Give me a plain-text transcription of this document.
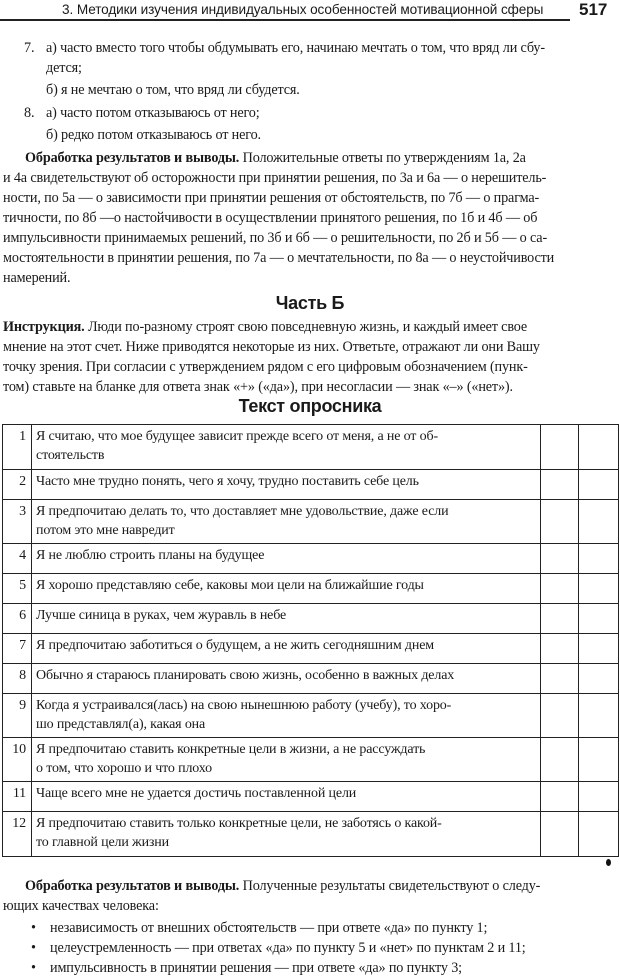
3. Методики изучения индивидуальных особенностей мотивационной сферы 517
7. а) часто вместо того чтобы обдумывать его, начинаю мечтать о том, что вряд ли сбу-
дется;
б) я не мечтаю о том, что вряд ли сбудется.
8. а) часто потом отказываюсь от него;
б) редко потом отказываюсь от него.
Обработка результатов и выводы. Положительные ответы по утверждениям 1а, 2а
и 4а свидетельствуют об осторожности при принятии решения, по 3а и 6а — о нерешитель-
ности, по 5а — о зависимости при принятии решения от обстоятельств, по 7б — о прагма-
тичности, по 8б —о настойчивости в осуществлении принятого решения, по 1б и 4б — об
импульсивности принимаемых решений, по 3б и 6б — о решительности, по 2б и 5б — о са-
мостоятельности в принятии решения, по 7а — о мечтательности, по 8а — о неустойчивости
намерений.
Часть Б
Инструкция. Люди по-разному строят свою повседневную жизнь, и каждый имеет свое
мнение на этот счет. Ниже приводятся некоторые из них. Ответьте, отражают ли они Вашу
точку зрения. При согласии с утверждением рядом с его цифровым обозначением (пунк-
том) ставьте на бланке для ответа знак «+» («да»), при несогласии — знак «–» («нет»).
Текст опросника
1	Я считаю, что мое будущее зависит прежде всего от меня, а не от об-
стоятельств		

2	Часто мне трудно понять, чего я хочу, трудно поставить себе цель		

3	Я предпочитаю делать то, что доставляет мне удовольствие, даже если
потом это мне навредит		

4	Я не люблю строить планы на будущее		

5	Я хорошо представляю себе, каковы мои цели на ближайшие годы		

6	Лучше синица в руках, чем журавль в небе		

7	Я предпочитаю заботиться о будущем, а не жить сегодняшним днем		

8	Обычно я стараюсь планировать свою жизнь, особенно в важных делах		

9	Когда я устраивался(лась) на свою нынешнюю работу (учебу), то хоро-
шо представлял(а), какая она		

10	Я предпочитаю ставить конкретные цели в жизни, а не рассуждать
о том, что хорошо и что плохо		

11	Чаще всего мне не удается достичь поставленной цели		

12	Я предпочитаю ставить только конкретные цели, не заботясь о какой-
то главной цели жизни		

Обработка результатов и выводы. Полученные результаты свидетельствуют о следу-
ющих качествах человека:
• независимость от внешних обстоятельств — при ответе «да» по пункту 1;
• целеустремленность — при ответах «да» по пункту 5 и «нет» по пунктам 2 и 11;
• импульсивность в принятии решения — при ответе «да» по пункту 3;
